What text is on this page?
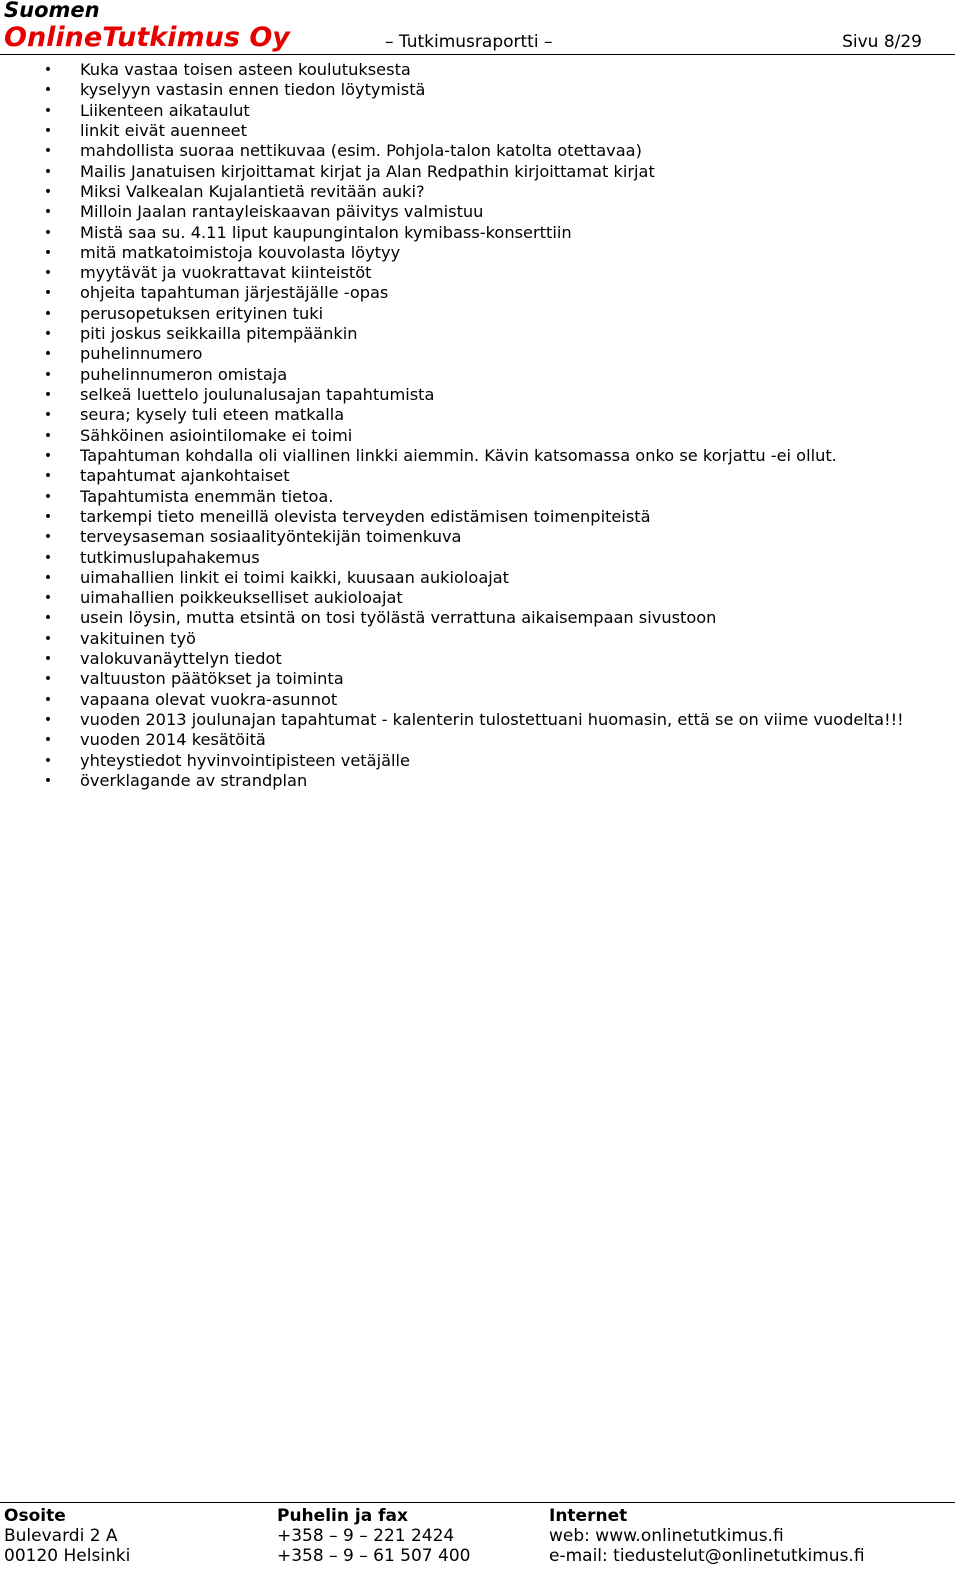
Suomen
OnlineTutkimus Oy	– Tutkimusraportti –	Sivu 8/29
• Kuka vastaa toisen asteen koulutuksesta
• kyselyyn vastasin ennen tiedon löytymistä
• Liikenteen aikataulut
• linkit eivät auenneet
• mahdollista suoraa nettikuvaa (esim. Pohjola-talon katolta otettavaa)
• Mailis Janatuisen kirjoittamat kirjat ja Alan Redpathin kirjoittamat kirjat
• Miksi Valkealan Kujalantietä revitään auki?
• Milloin Jaalan rantayleiskaavan päivitys valmistuu
• Mistä saa su. 4.11 liput kaupungintalon kymibass-konserttiin
• mitä matkatoimistoja kouvolasta löytyy
• myytävät ja vuokrattavat kiinteistöt
• ohjeita tapahtuman järjestäjälle -opas
• perusopetuksen erityinen tuki
• piti joskus seikkailla pitempäänkin
• puhelinnumero
• puhelinnumeron omistaja
• selkeä luettelo joulunalusajan tapahtumista
• seura; kysely tuli eteen matkalla
• Sähköinen asiointilomake ei toimi
• Tapahtuman kohdalla oli viallinen linkki aiemmin. Kävin katsomassa onko se korjattu -ei ollut.
• tapahtumat ajankohtaiset
• Tapahtumista enemmän tietoa.
• tarkempi tieto meneillä olevista terveyden edistämisen toimenpiteistä
• terveysaseman sosiaalityöntekijän toimenkuva
• tutkimuslupahakemus
• uimahallien linkit ei toimi kaikki, kuusaan aukioloajat
• uimahallien poikkeukselliset aukioloajat
• usein löysin, mutta etsintä on tosi työlästä verrattuna aikaisempaan sivustoon
• vakituinen työ
• valokuvanäyttelyn tiedot
• valtuuston päätökset ja toiminta
• vapaana olevat vuokra-asunnot
• vuoden 2013 joulunajan tapahtumat - kalenterin tulostettuani huomasin, että se on viime vuodelta!!!
• vuoden 2014 kesätöitä
• yhteystiedot hyvinvointipisteen vetäjälle
• överklagande av strandplan
Osoite
Bulevardi 2 A
00120 Helsinki
Puhelin ja fax
+358 – 9 – 221 2424
+358 – 9 – 61 507 400
Internet
web: www.onlinetutkimus.fi
e-mail: tiedustelut@onlinetutkimus.fi
